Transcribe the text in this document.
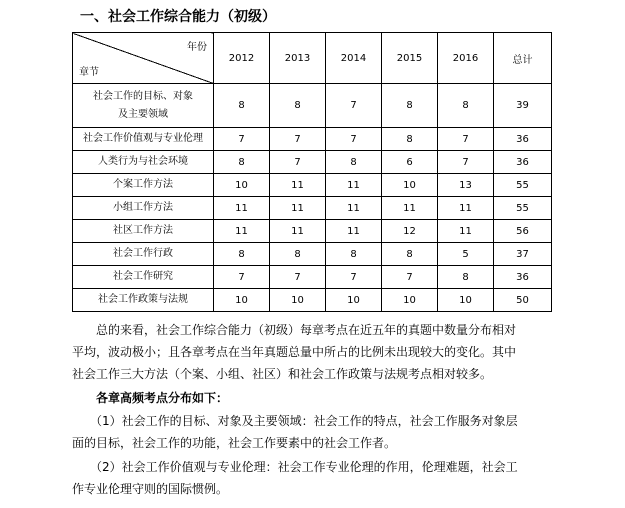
一、社会工作综合能力（初级）
年份
章节	2012	2013	2014	2015	2016	总计

社会工作的目标、对象
及主要领域	8	8	7	8	8	39

社会工作价值观与专业伦理	7	7	7	8	7	36

人类行为与社会环境	8	7	8	6	7	36

个案工作方法	10	11	11	10	13	55

小组工作方法	11	11	11	11	11	55

社区工作方法	11	11	11	12	11	56

社会工作行政	8	8	8	8	5	37

社会工作研究	7	7	7	7	8	36

社会工作政策与法规	10	10	10	10	10	50
　　总的来看，社会工作综合能力（初级）每章考点在近五年的真题中数量分布相对
平均，波动极小；且各章考点在当年真题总量中所占的比例未出现较大的变化。其中
社会工作三大方法（个案、小组、社区）和社会工作政策与法规考点相对较多。
　　各章高频考点分布如下：
　　（1）社会工作的目标、对象及主要领域：社会工作的特点，社会工作服务对象层
面的目标，社会工作的功能，社会工作要素中的社会工作者。
　　（2）社会工作价值观与专业伦理：社会工作专业伦理的作用，伦理难题，社会工
作专业伦理守则的国际惯例。
